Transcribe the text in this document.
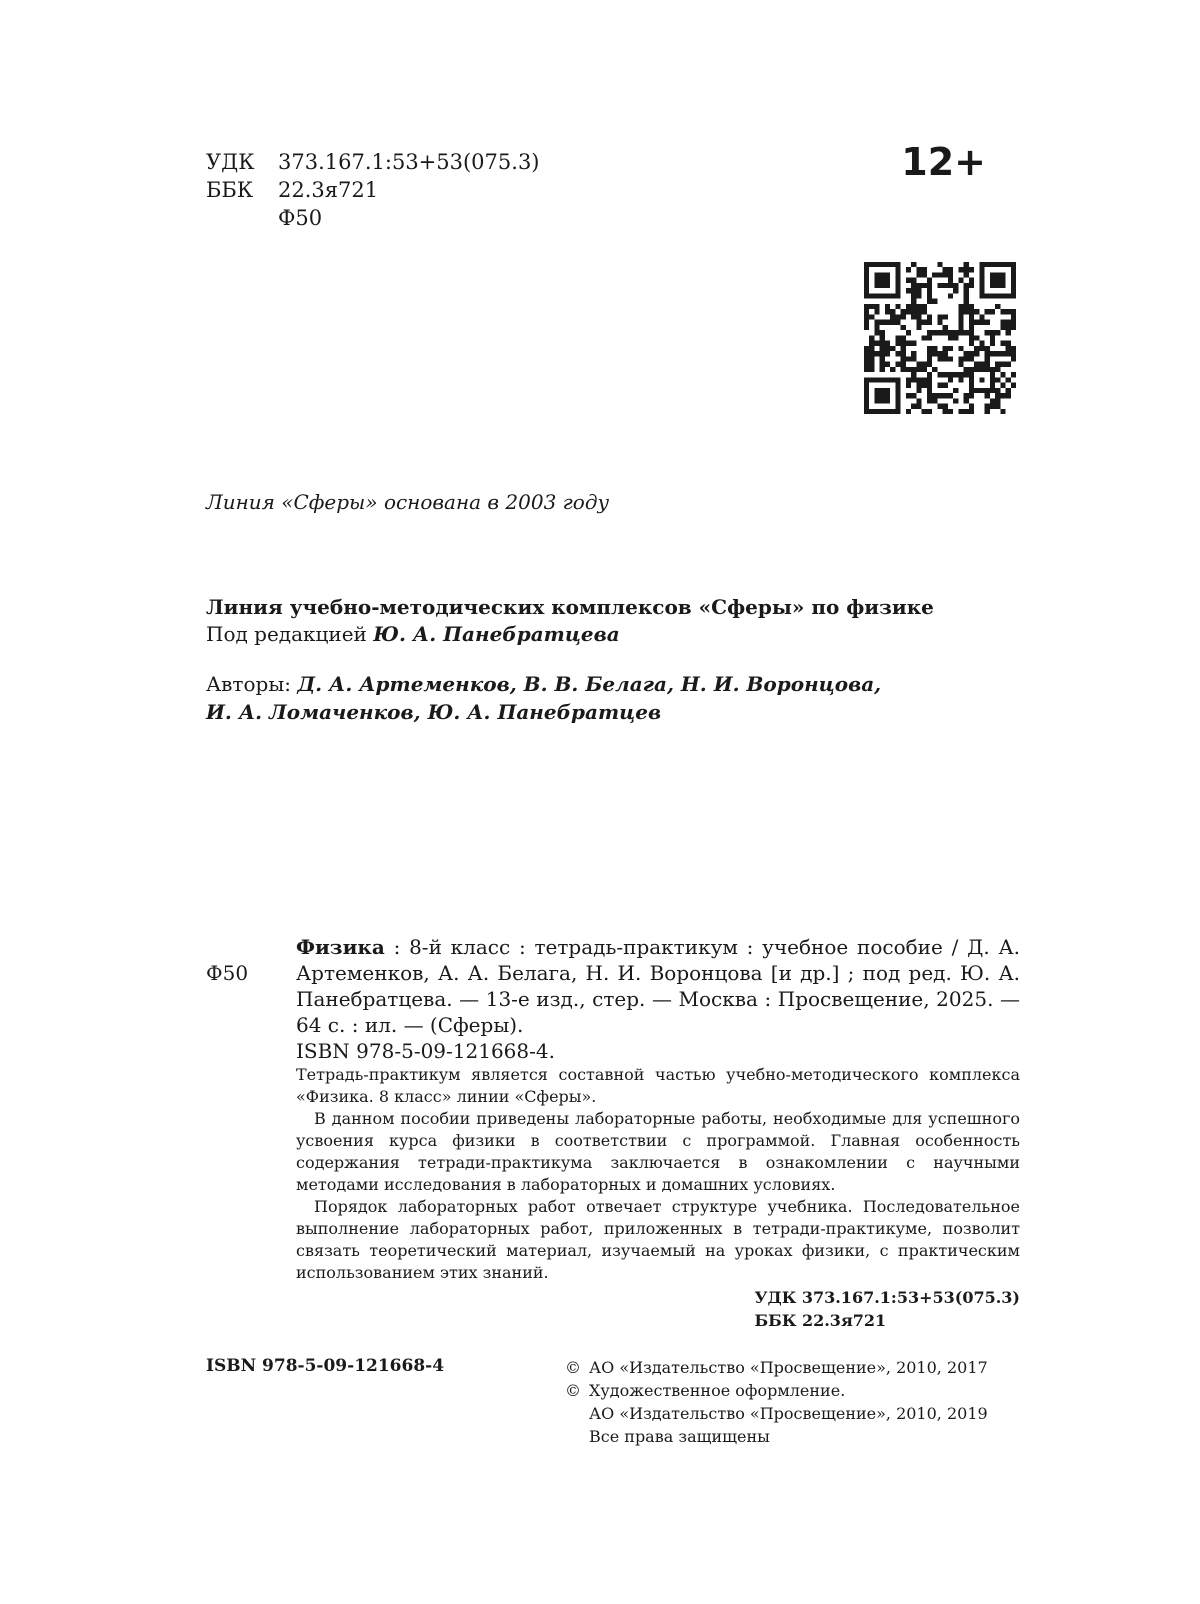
УДК	373.167.1:53+53(075.3)
ББК	22.3я721
Ф50
12+
Линия «Сферы» основана в 2003 году
Линия учебно-методических комплексов «Сферы» по физике
Под редакцией Ю. А. Панебратцева
Авторы: Д. А. Артеменков, В. В. Белага, Н. И. Воронцова,
И. А. Ломаченков, Ю. А. Панебратцев
Ф50
Физика : 8-й класс : тетрадь-практикум : учебное пособие / Д. А. Артеменков, А. А. Белага, Н. И. Воронцова [и др.] ; под ред. Ю. А. Панебратцева. — 13-е изд., стер. — Москва : Просвещение, 2025. — 64 с. : ил. — (Сферы).
ISBN 978-5-09-121668-4.

Тетрадь-практикум является составной частью учебно-методического комплекса «Физика. 8 класс» линии «Сферы».

В данном пособии приведены лабораторные работы, необходимые для успешного усвоения курса физики в соответствии с программой. Главная особенность содержания тетради-практикума заключается в ознакомлении с научными методами исследования в лабораторных и домашних условиях.

Порядок лабораторных работ отвечает структуре учебника. Последовательное выполнение лабораторных работ, приложенных в тетради-практикуме, позволит связать теоретический материал, изучаемый на уроках физики, с практическим использованием этих знаний.

УДК 373.167.1:53+53(075.3)
ББК 22.3я721
ISBN 978-5-09-121668-4	© АО «Издательство «Просвещение», 2010, 2017
© Художественное оформление.
АО «Издательство «Просвещение», 2010, 2019
Все права защищены
